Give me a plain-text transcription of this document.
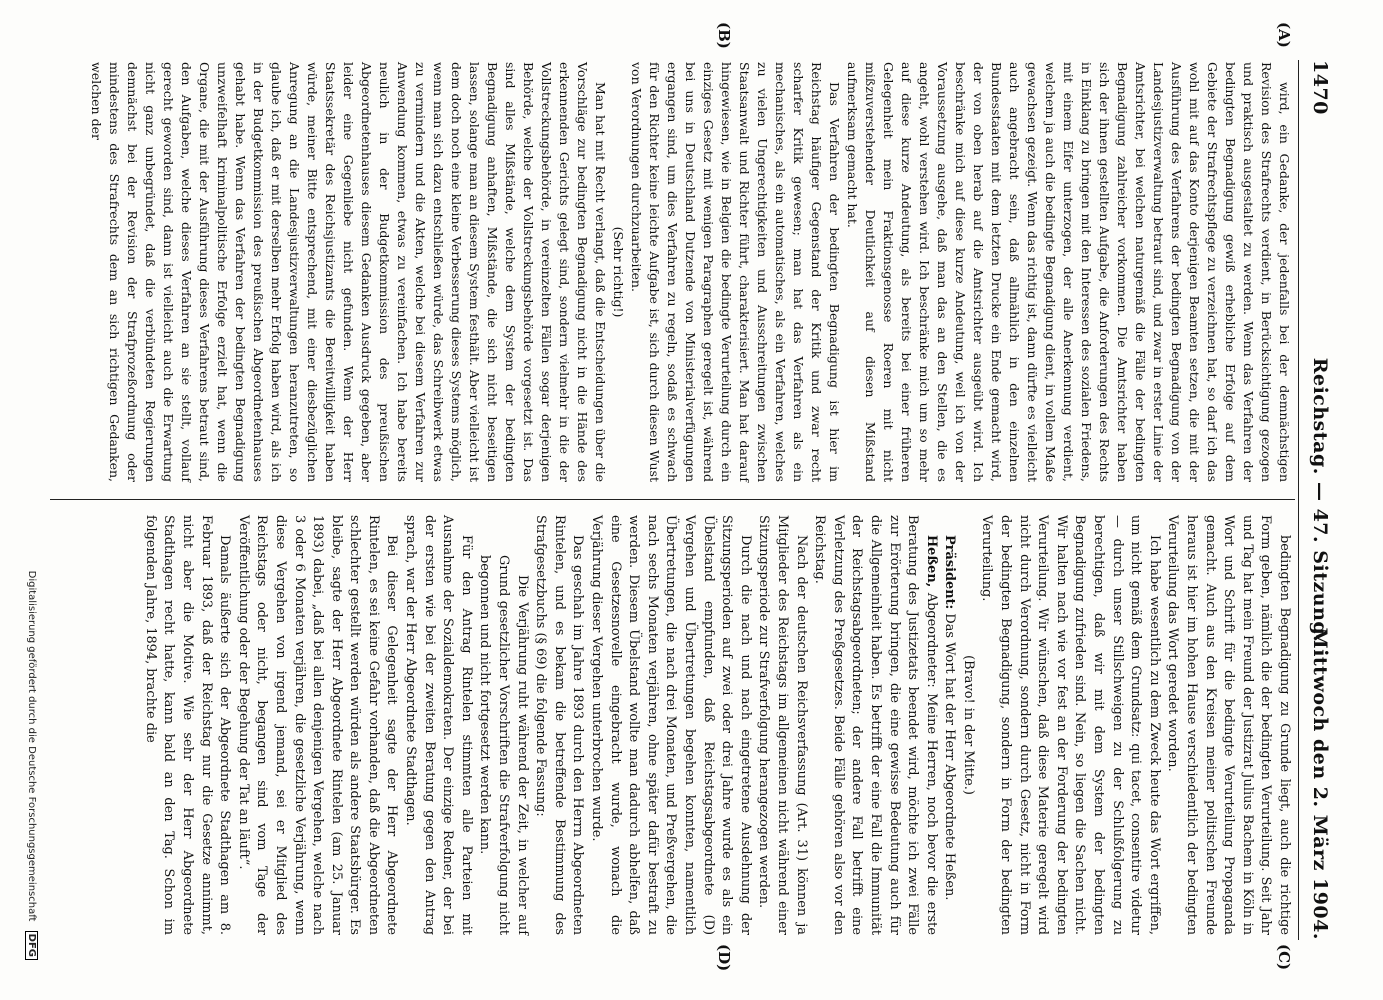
1470
Reichstag. — 47. Sitzung.
Mittwoch den 2. März 1904.
(A)
(B)
(C)
(D)

wird, ein Gedanke, der jedenfalls bei der demnächstigen Revision des Strafrechts verdient, in Berücksichtigung gezogen und praktisch ausgestaltet zu werden. Wenn das Verfahren der bedingten Begnadigung gewiß erhebliche Erfolge auf dem Gebiete der Strafrechtspflege zu verzeichnen hat, so darf ich das wohl mit auf das Konto derjenigen Beamten setzen, die mit der Ausführung des Verfahrens der bedingten Begnadigung von der Landesjustizverwaltung betraut sind, und zwar in erster Linie der Amtsrichter, bei welchen naturgemäß die Fälle der bedingten Begnadigung zahlreicher vorkommen. Die Amtsrichter haben sich der ihnen gestellten Aufgabe, die Anforderungen des Rechts in Einklang zu bringen mit den Interessen des sozialen Friedens, mit einem Eifer unterzogen, der alle Anerkennung verdient, welchem ja auch die bedingte Begnadigung dient, in vollem Maße gewachsen gezeigt. Wenn das richtig ist, dann dürfte es vielleicht auch angebracht sein, daß allmählich in den einzelnen Bundesstaaten mit dem letzten Drucke ein Ende gemacht wird, der von oben herab auf die Amtsrichter ausgeübt wird. Ich beschränke mich auf diese kurze Andeutung, weil ich von der Voraussetzung ausgehe, daß man das an den Stellen, die es angeht, wohl verstehen wird. Ich beschränke mich um so mehr auf diese kurze Andeutung, als bereits bei einer früheren Gelegenheit mein Fraktionsgenosse Roeren mit nicht mißzuverstehender Deutlichkeit auf diesen Mißstand aufmerksam gemacht hat.

Das Verfahren der bedingten Begnadigung ist hier im Reichstag häufiger Gegenstand der Kritik und zwar recht scharfer Kritik gewesen; man hat das Verfahren als ein mechanisches, als ein automatisches, als ein Verfahren, welches zu vielen Ungerechtigkeiten und Ausschreitungen zwischen Staatsanwalt und Richter führt, charakterisiert. Man hat darauf hingewiesen, wie in Belgien die bedingte Verurteilung durch ein einziges Gesetz mit wenigen Paragraphen geregelt ist, während bei uns in Deutschland Dutzende von Ministerialverfügungen ergangen sind, um dies Verfahren zu regeln, sodaß es schwach für den Richter keine leichte Aufgabe ist, sich durch diesen Wust von Verordnungen durchzuarbeiten.

(Sehr richtig!)

Man hat mit Recht verlangt, daß die Entscheidungen über die Vorschläge zur bedingten Begnadigung nicht in die Hände des erkennenden Gerichts gelegt sind, sondern vielmehr in die der Vollstreckungsbehörde, in vereinzelten Fällen sogar derjenigen Behörde, welche der Vollstreckungsbehörde vorgesetzt ist. Das sind alles Mißstände, welche dem System der bedingten Begnadigung anhaften, Mißstände, die sich nicht beseitigen lassen, solange man an diesem System festhält. Aber vielleicht ist dem doch noch eine kleine Verbesserung dieses Systems möglich, wenn man sich dazu entschließen würde, das Schreibwerk etwas zu vermindern und die Akten, welche bei diesem Verfahren zur Anwendung kommen, etwas zu vereinfachen. Ich habe bereits neulich in der Budgetkommission des preußischen Abgeordnetenhauses diesem Gedanken Ausdruck gegeben, aber leider eine Gegenliebe nicht gefunden. Wenn der Herr Staatssekretär des Reichsjustizamts die Bereitwilligkeit haben würde, meiner Bitte entsprechend, mit einer diesbezüglichen Anregung an die Landesjustizverwaltungen heranzutreten, so glaube ich, daß er mit derselben mehr Erfolg haben wird, als ich in der Budgetkommission des preußischen Abgeordnetenhauses gehabt habe. Wenn das Verfahren der bedingten Begnadigung unzweifelhaft kriminalpolitische Erfolge erzielt hat, wenn die Organe, die mit der Ausführung dieses Verfahrens betraut sind, den Aufgaben, welche dieses Verfahren an sie stellt, vollauf gerecht geworden sind, dann ist vielleicht auch die Erwartung nicht ganz unbegründet, daß die verbündeten Regierungen demnächst bei der Revision der Strafprozeßordnung oder mindestens des Strafrechts dem an sich richtigen Gedanken, welchen der

bedingten Begnadigung zu Grunde liegt, auch die richtige Form geben, nämlich die der bedingten Verurteilung. Seit Jahr und Tag hat mein Freund der Justizrat Julius Bachem in Köln in Wort und Schrift für die bedingte Verurteilung Propaganda gemacht. Auch aus den Kreisen meiner politischen Freunde heraus ist hier im hohen Hause verschiedentlich der bedingten Verurteilung das Wort geredet worden.

Ich habe wesentlich zu dem Zweck heute das Wort ergriffen, um nicht gemäß dem Grundsatz: qui tacet, consentire videtur — durch unser Stillschweigen zu der Schlußfolgerung zu berechtigen, daß wir mit dem System der bedingten Begnadigung zufrieden sind. Nein, so liegen die Sachen nicht. Wir halten nach wie vor fest an der Forderung der bedingten Verurteilung. Wir wünschen, daß diese Materie geregelt wird nicht durch Verordnung, sondern durch Gesetz, nicht in Form der bedingten Begnadigung, sondern in Form der bedingten Verurteilung.

(Bravo! in der Mitte.)

Präsident: Das Wort hat der Herr Abgeordnete Heßen.

Heßen, Abgeordneter: Meine Herren, noch bevor die erste Beratung des Justizetats beendet wird, möchte ich zwei Fälle zur Erörterung bringen, die eine gewisse Bedeutung auch für die Allgemeinheit haben. Es betrifft der eine Fall die Immunität der Reichstagsabgeordneten; der andere Fall betrifft eine Verletzung des Preßgesetzes. Beide Fälle gehören also vor den Reichstag.

Nach der deutschen Reichsverfassung (Art. 31) können ja Mitglieder des Reichstags im allgemeinen nicht während einer Sitzungsperiode zur Strafverfolgung herangezogen werden.

Durch die nach und nach eingetretene Ausdehnung der Sitzungsperioden auf zwei oder drei Jahre wurde es als ein Übelstand empfunden, daß Reichstagsabgeordnete (D) Vergehen und Übertretungen begehen konnten, namentlich Übertretungen, die nach drei Monaten, und Preßvergehen, die nach sechs Monaten verjähren, ohne später dafür bestraft zu werden. Diesem Übelstand wollte man dadurch abhelfen, daß eine Gesetzesnovelle eingebracht wurde, wonach die Verjährung dieser Vergehen unterbrochen wurde.

Das geschah im Jahre 1893 durch den Herrn Abgeordneten Rintelen, und es bekam die betreffende Bestimmung des Strafgesetzbuchs (§ 69) die folgende Fassung:

Die Verjährung ruht während der Zeit, in welcher auf Grund gesetzlicher Vorschriften die Strafverfolgung nicht begonnen und nicht fortgesetzt werden kann.

Für den Antrag Rintelen stimmten alle Parteien mit Ausnahme der Sozialdemokraten. Der einzige Redner, der bei der ersten wie bei der zweiten Beratung gegen den Antrag sprach, war der Herr Abgeordnete Stadthagen.

Bei dieser Gelegenheit sagte der Herr Abgeordnete Rintelen, es sei keine Gefahr vorhanden, daß die Abgeordneten schlechter gestellt werden würden als andere Staatsbürger. Es bleibe, sagte der Herr Abgeordnete Rintelen (am 25. Januar 1893) dabei, „daß bei allen denjenigen Vergehen, welche nach 3 oder 6 Monaten verjähren, die gesetzliche Verjährung, wenn diese Vergehen von irgend jemand, sei er Mitglied des Reichstags oder nicht, begangen sind vom Tage der Veröffentlichung oder der Begehung der Tat an läuft“.

Damals äußerte sich der Abgeordnete Stadthagen am 8. Februar 1893, daß der Reichstag nur die Gesetze annimmt, nicht aber die Motive. Wie sehr der Herr Abgeordnete Stadthagen recht hatte, kann bald an den Tag. Schon im folgenden Jahre, 1894, brachte die

Digitalisierung gefördert durch die Deutsche Forschungsgemeinschaft DFG
